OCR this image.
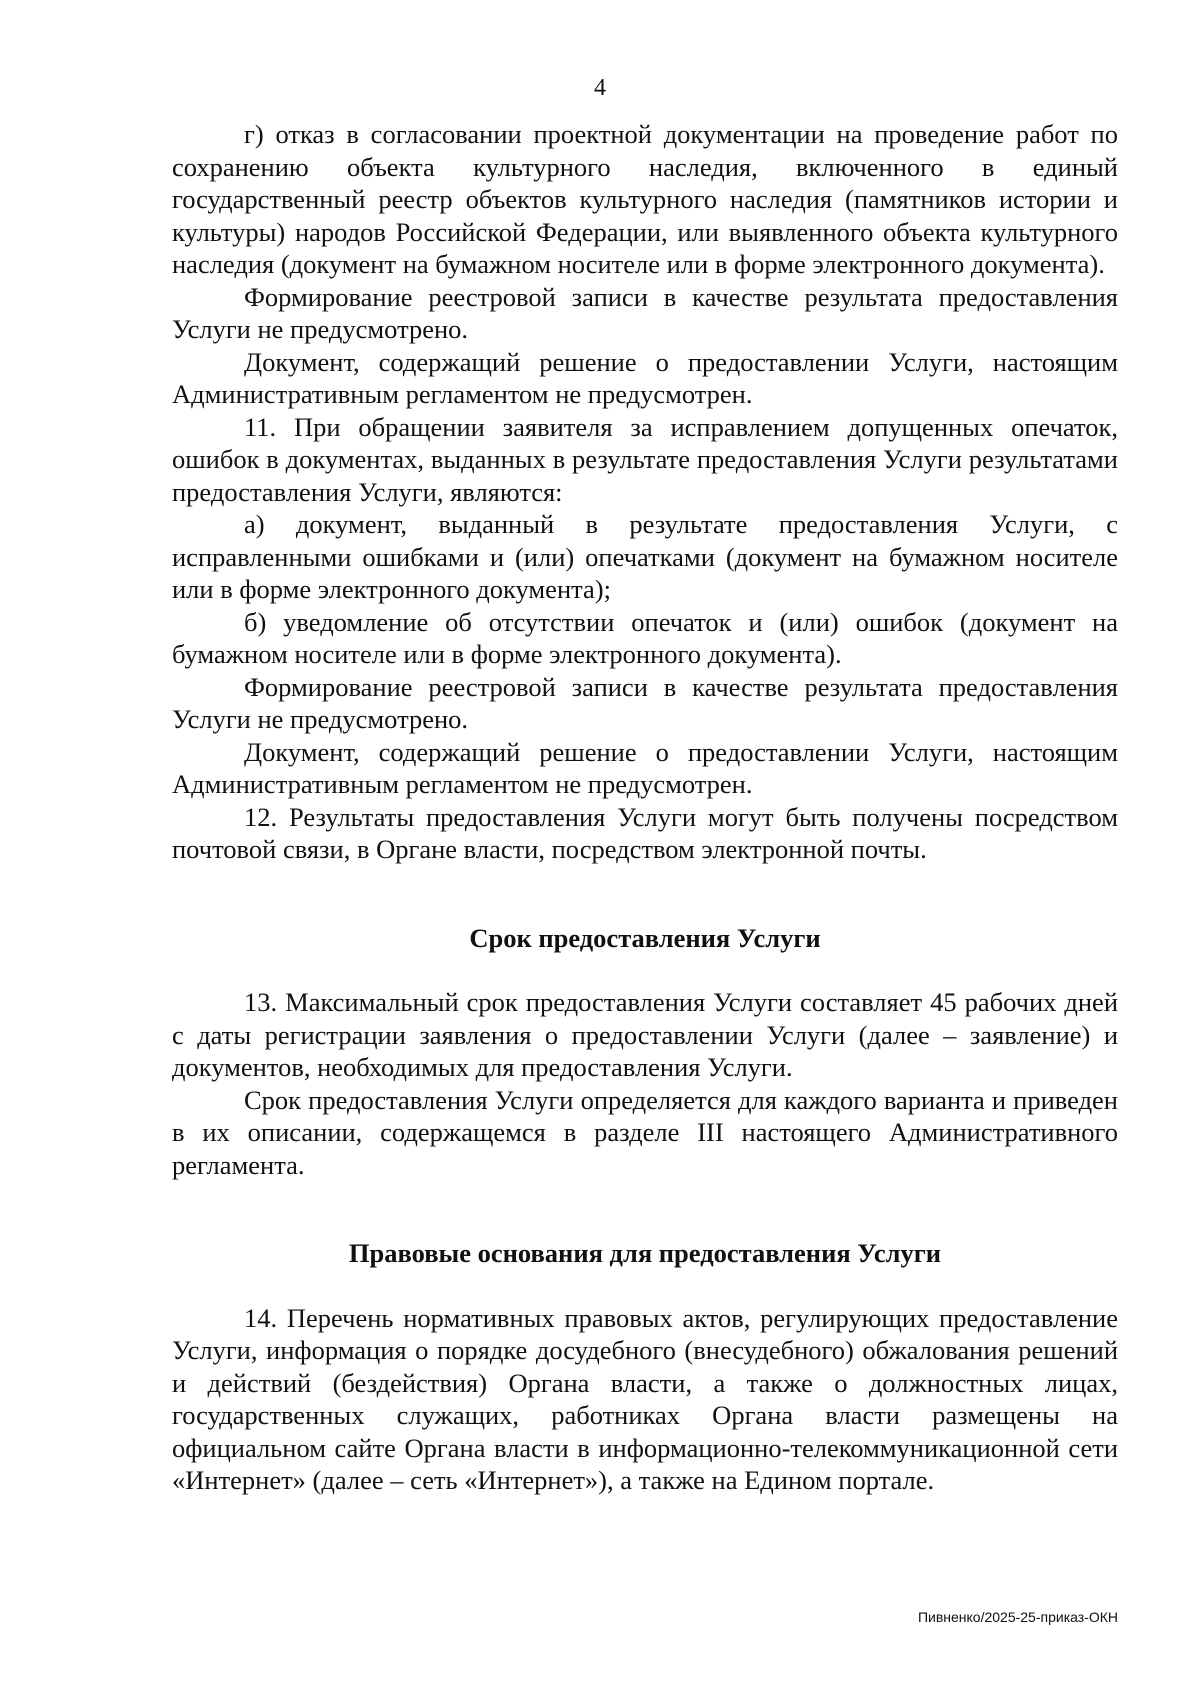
4

г) отказ в согласовании проектной документации на проведение работ по сохранению объекта культурного наследия, включенного в единый государственный реестр объектов культурного наследия (памятников истории и культуры) народов Российской Федерации, или выявленного объекта культурного наследия (документ на бумажном носителе или в форме электронного документа).

Формирование реестровой записи в качестве результата предоставления Услуги не предусмотрено.

Документ, содержащий решение о предоставлении Услуги, настоящим Административным регламентом не предусмотрен.

11. При обращении заявителя за исправлением допущенных опечаток, ошибок в документах, выданных в результате предоставления Услуги результатами предоставления Услуги, являются:

а) документ, выданный в результате предоставления Услуги, с исправленными ошибками и (или) опечатками (документ на бумажном носителе или в форме электронного документа);

б) уведомление об отсутствии опечаток и (или) ошибок (документ на бумажном носителе или в форме электронного документа).

Формирование реестровой записи в качестве результата предоставления Услуги не предусмотрено.

Документ, содержащий решение о предоставлении Услуги, настоящим Административным регламентом не предусмотрен.

12. Результаты предоставления Услуги могут быть получены посредством почтовой связи, в Органе власти, посредством электронной почты.

Срок предоставления Услуги

13. Максимальный срок предоставления Услуги составляет 45 рабочих дней с даты регистрации заявления о предоставлении Услуги (далее – заявление) и документов, необходимых для предоставления Услуги.

Срок предоставления Услуги определяется для каждого варианта и приведен в их описании, содержащемся в разделе III настоящего Административного регламента.

Правовые основания для предоставления Услуги

14. Перечень нормативных правовых актов, регулирующих предоставление Услуги, информация о порядке досудебного (внесудебного) обжалования решений и действий (бездействия) Органа власти, а также о должностных лицах, государственных служащих, работниках Органа власти размещены на официальном сайте Органа власти в информационно-телекоммуникационной сети «Интернет» (далее – сеть «Интернет»), а также на Едином портале.

Пивненко/2025-25-приказ-ОКН
